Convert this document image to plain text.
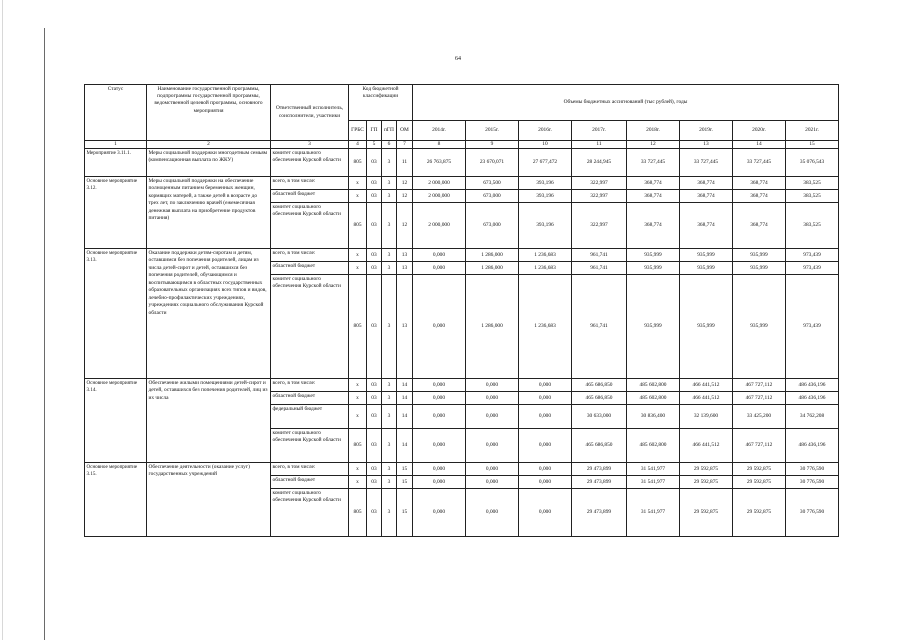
64
Статус	Наименование государственной программы, подпрограммы государственной программы, ведомственной целевой программы, основного мероприятия	Ответственный исполнитель, соисполнители, участники	Код бюджетной классификации				Объемы бюджетных ассигнований (тыс рублей), годы							

			ГРБС	ГП	пГП	ОМ	2014г.	2015г.	2016г.	2017г.	2018г.	2019г.	2020г.	2021г.
1	2	3	4	5	6	7	8	9	10	11	12	13	14	15
Мероприятие 3.11.1.	Меры социальной поддержки многодетным семьям (компенсационная выплата по ЖКУ)	комитет социального обеспечения Курской области	805	03	3	11	26 763,875	23 670,071	27 677,472	28 244,945	33 727,445	33 727,445	33 727,445	35 076,543
Основное мероприятие 3.12.	Меры социальной поддержки на обеспечение полноценным питанием беременных женщин, кормящих матерей, а также детей в возрасте до трех лет, по заключению врачей (ежемесячная денежная выплата на приобретение продуктов питания)	всего, в том числе:	x	03	3	12	2 000,000	673,500	393,196	322,997	368,774	368,774	368,774	383,525
		областной бюджет	x	03	3	12	2 000,000	673,000	393,196	322,997	368,774	368,774	368,774	383,525
		комитет социального обеспечения Курской области	805	03	3	12	2 000,000	673,000	393,196	322,997	368,774	368,774	368,774	383,525
Основное мероприятие 3.13.	Оказание поддержки детям-сиротам и детям, оставшимся без попечения родителей, лицам из числа детей-сирот и детей, оставшихся без попечения родителей, обучающимся и воспитывающимся в областных государственных образовательных организациях всех типов и видов, лечебно-профилактических учреждениях, учреждениях социального обслуживания Курской области	всего, в том числе:	x	03	3	13	0,000	1 286,000	1 236,683	961,741	935,999	935,999	935,999	973,439
		областной бюджет	x	03	3	13	0,000	1 286,000	1 236,683	961,741	935,999	935,999	935,999	973,439
		комитет социального обеспечения Курской области	805	03	3	13	0,000	1 286,000	1 236,683	961,741	935,999	935,999	935,999	973,439
Основное мероприятие 3.14.	Обеспечение жилыми помещениями детей-сирот и детей, оставшихся без попечения родителей, лиц из их числа	всего, в том числе:	x	03	3	14	0,000	0,000	0,000	465 686,850	485 602,800	466 441,512	467 727,112	486 436,196
		областной бюджет	x	03	3	14	0,000	0,000	0,000	465 686,850	485 602,800	466 441,512	467 727,112	486 436,196
		федеральный бюджет	x	03	3	14	0,000	0,000	0,000	30 633,000	30 836,400	32 139,600	33 425,200	34 762,208
		комитет социального обеспечения Курской области	805	03	3	14	0,000	0,000	0,000	465 686,850	485 602,800	466 441,512	467 727,112	486 436,196
Основное мероприятие 3.15.	Обеспечение деятельности (оказание услуг) государственных учреждений	всего, в том числе:	x	03	3	15	0,000	0,000	0,000	29 473,899	31 541,977	29 592,875	29 592,875	30 776,590
		областной бюджет	x	03	3	15	0,000	0,000	0,000	29 473,899	31 541,977	29 592,875	29 592,875	30 776,590
		комитет социального обеспечения Курской области	805	03	3	15	0,000	0,000	0,000	29 473,899	31 541,977	29 592,875	29 592,875	30 776,590
